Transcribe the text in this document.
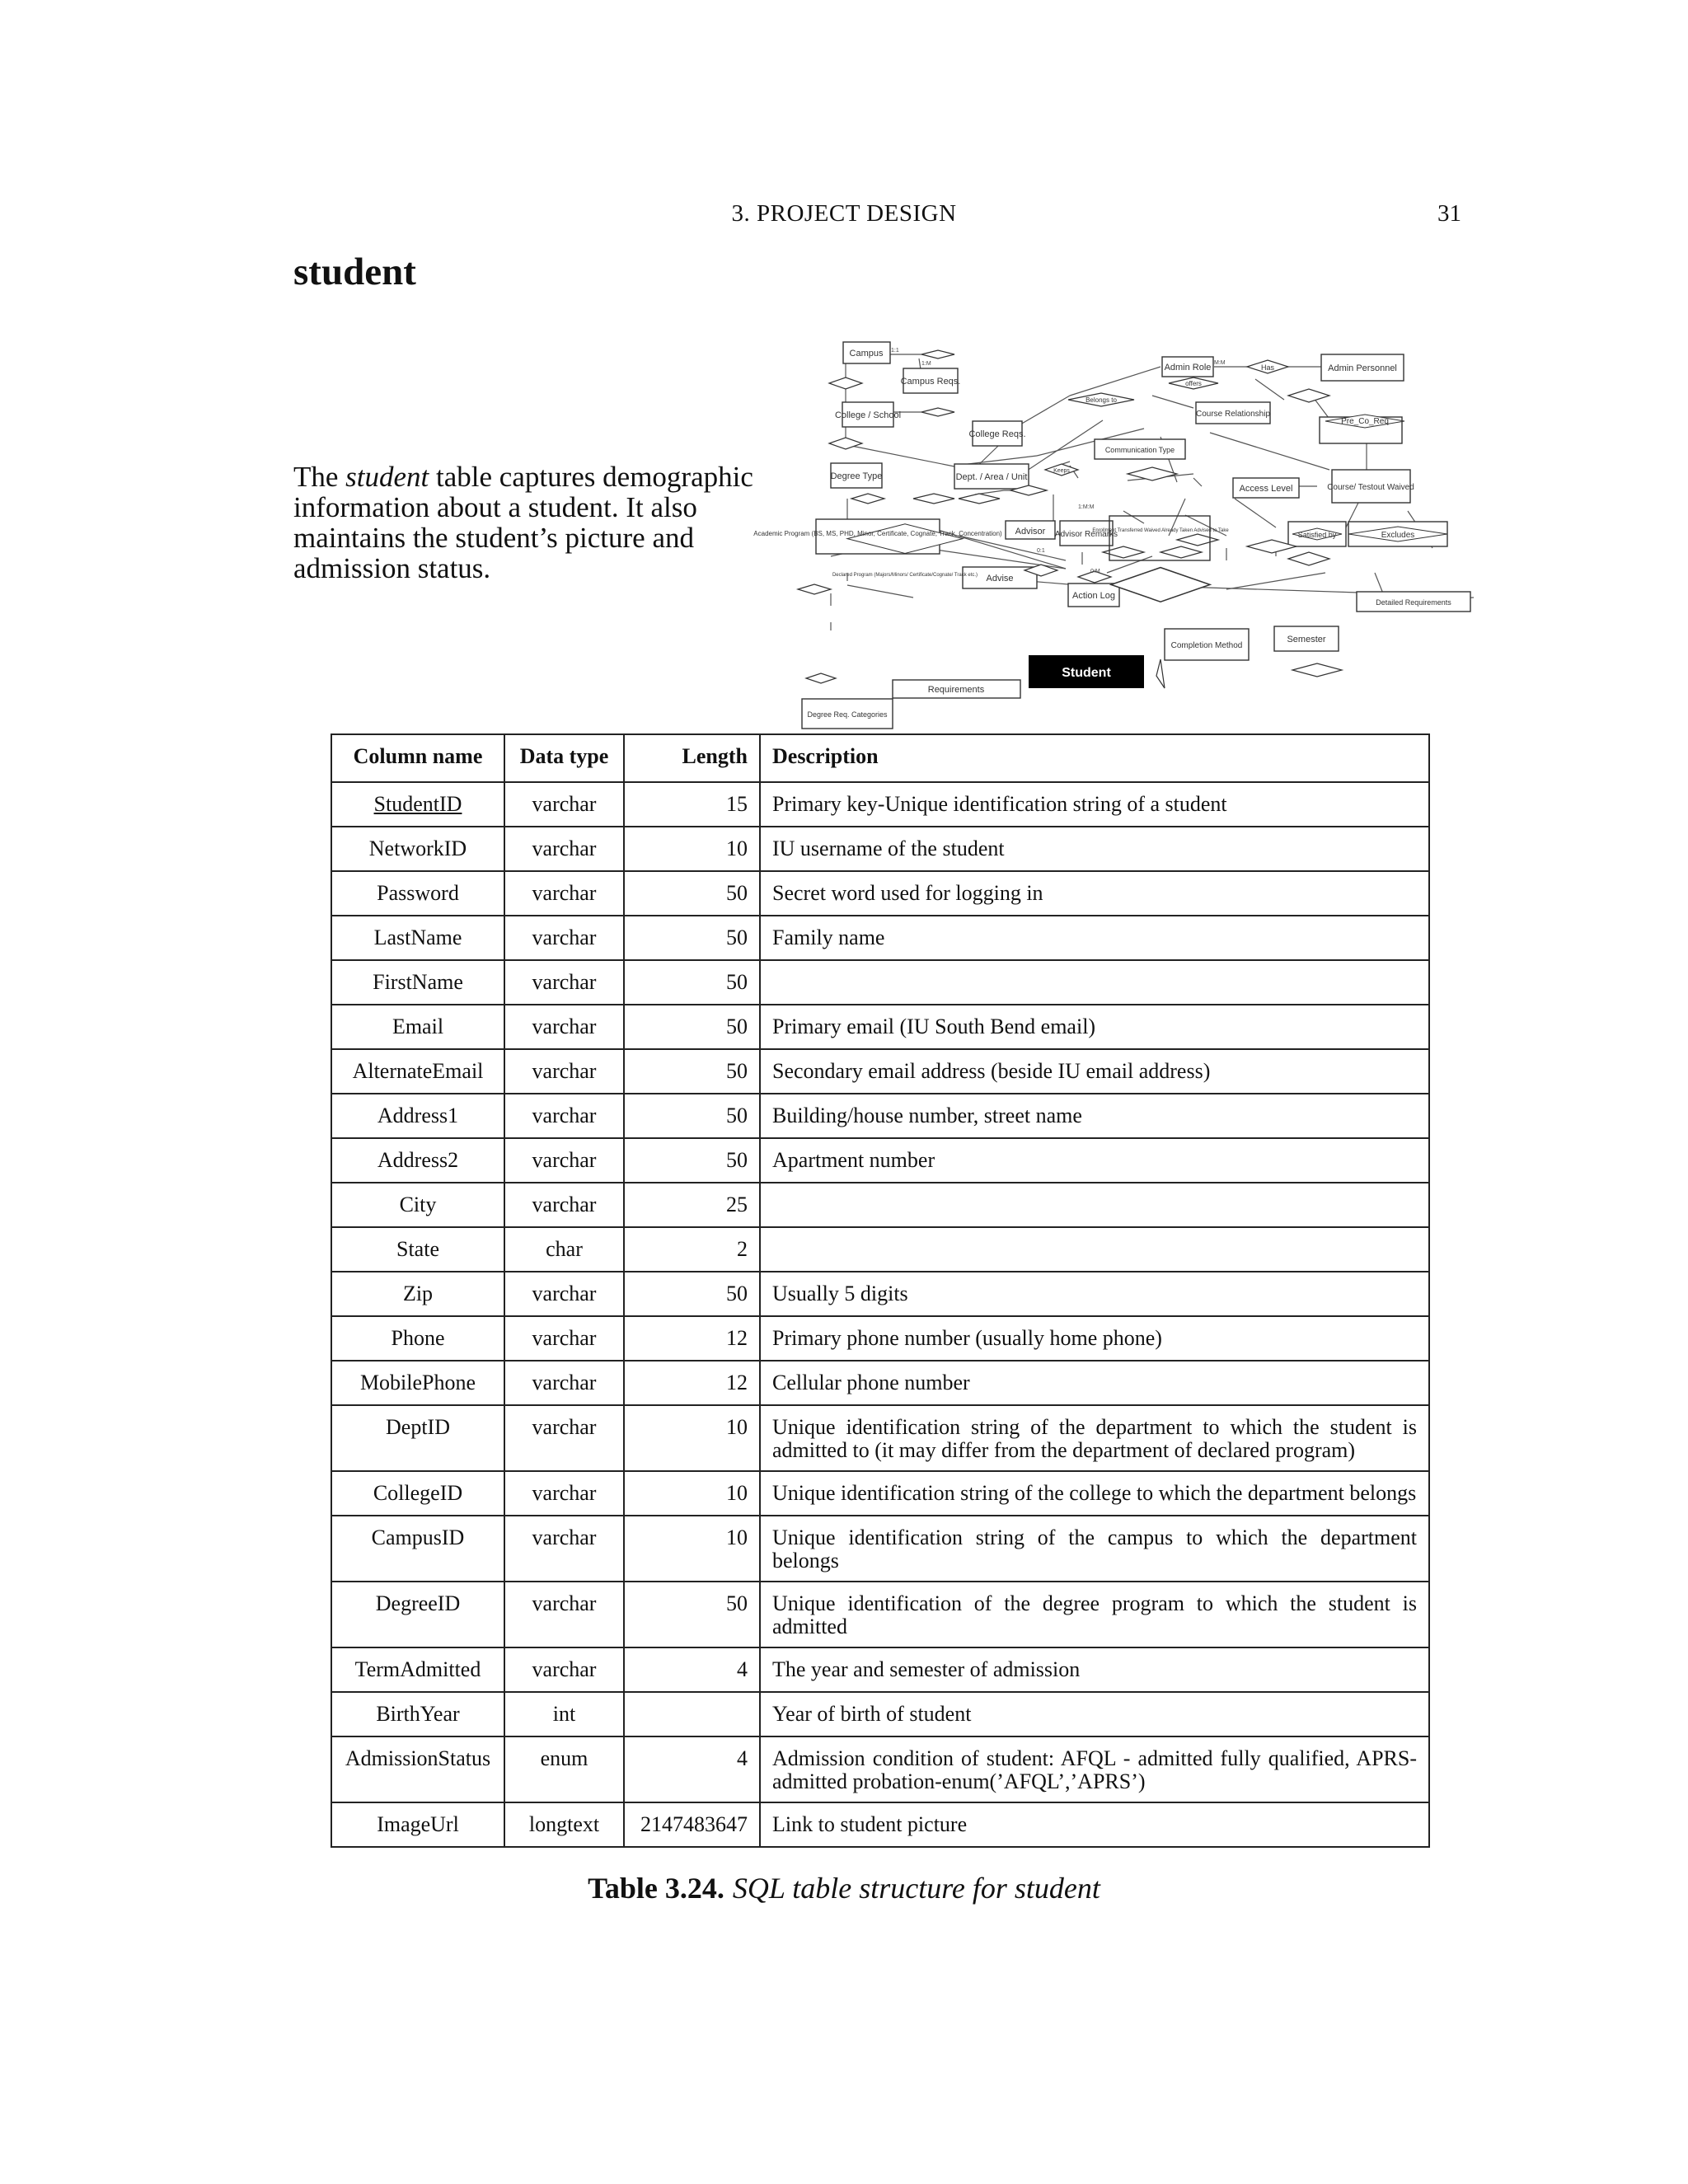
3. PROJECT DESIGN	31
student
The student table captures demographic information about a student. It also maintains the student’s picture and admission status.
Campus
Campus Reqs.
College / School
College Reqs.
Degree Type	Dept. / Area / Unit
Academic Program (BS, MS, PHD, Minor, Certificate, Cognate, Track, Concentration) Advisor Advisor Remarks
Admin Role	Admin Personnel
Course Relationship
Pre_Co_Req
Communication Type
Access Level	Course/ Testout Waived
Satisfied by	Excludes
Advise
Action Log
Detailed Requirements
Completion Method
Semester
Student
Requirements
Degree Req. Categories
Has
Belongs to
offers
Keeps
Declared Program (Majors/Minors/ Certificate/Cognate/ Track etc.)
Enrollment Transferred Waived Already Taken Advised to Take
1:1
1:M	M:M
0:M
0:1
1:M:M
Column name	Data type	Length	Description
StudentID	varchar	15	Primary key-Unique identification string of a student
NetworkID	varchar	10	IU username of the student
Password	varchar	50	Secret word used for logging in
LastName	varchar	50	Family name
FirstName	varchar	50	
Email	varchar	50	Primary email (IU South Bend email)
AlternateEmail	varchar	50	Secondary email address (beside IU email address)
Address1	varchar	50	Building/house number, street name
Address2	varchar	50	Apartment number
City	varchar	25	
State	char	2	
Zip	varchar	50	Usually 5 digits
Phone	varchar	12	Primary phone number (usually home phone)
MobilePhone	varchar	12	Cellular phone number
DeptID	varchar	10	Unique identification string of the department to which the student is admitted to (it may differ from the department of declared program)
CollegeID	varchar	10	Unique identification string of the college to which the department belongs
CampusID	varchar	10	Unique identification string of the campus to which the department belongs
DegreeID	varchar	50	Unique identification of the degree program to which the student is admitted
TermAdmitted	varchar	4	The year and semester of admission
BirthYear	int		Year of birth of student
AdmissionStatus	enum	4	Admission condition of student: AFQL - admitted fully qualified, APRS-admitted probation-enum(’AFQL’,’APRS’)
ImageUrl	longtext	2147483647	Link to student picture
Table 3.24. SQL table structure for student
